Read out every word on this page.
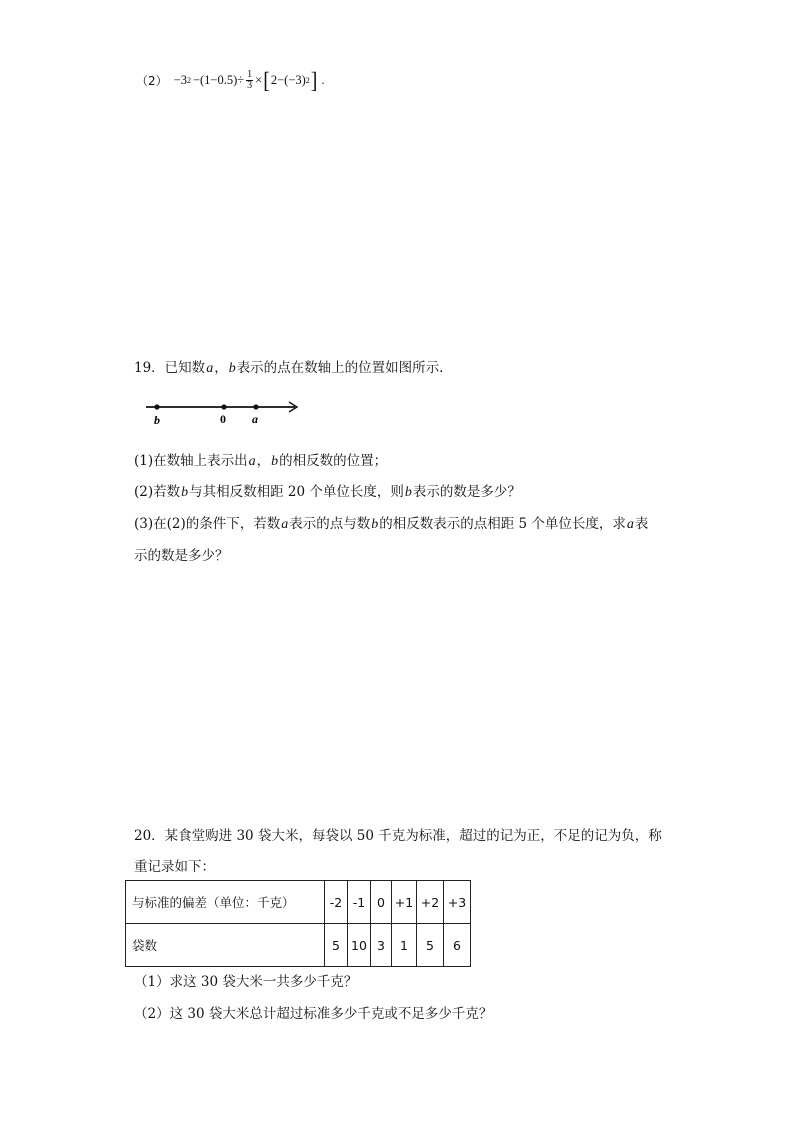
（2） −3 $2 -(1-0.5)\div \frac{1}{3}$ × [ 2−(−3) 2 ] .
19．已知数a，b表示的点在数轴上的位置如图所示.
b	0 a
(1)在数轴上表示出a，b的相反数的位置；
(2)若数b与其相反数相距 20 个单位长度，则b表示的数是多少？
(3)在(2)的条件下，若数a表示的点与数b的相反数表示的点相距 5 个单位长度，求a表
示的数是多少？
20．某食堂购进 30 袋大米，每袋以 50 千克为标准，超过的记为正，不足的记为负，称
重记录如下：
与标准的偏差（单位：千克）	-2	-1	0	+1	+2	+3
袋数	5	10	3	1	5	6
（1）求这 30 袋大米一共多少千克？
（2）这 30 袋大米总计超过标准多少千克或不足多少千克？
